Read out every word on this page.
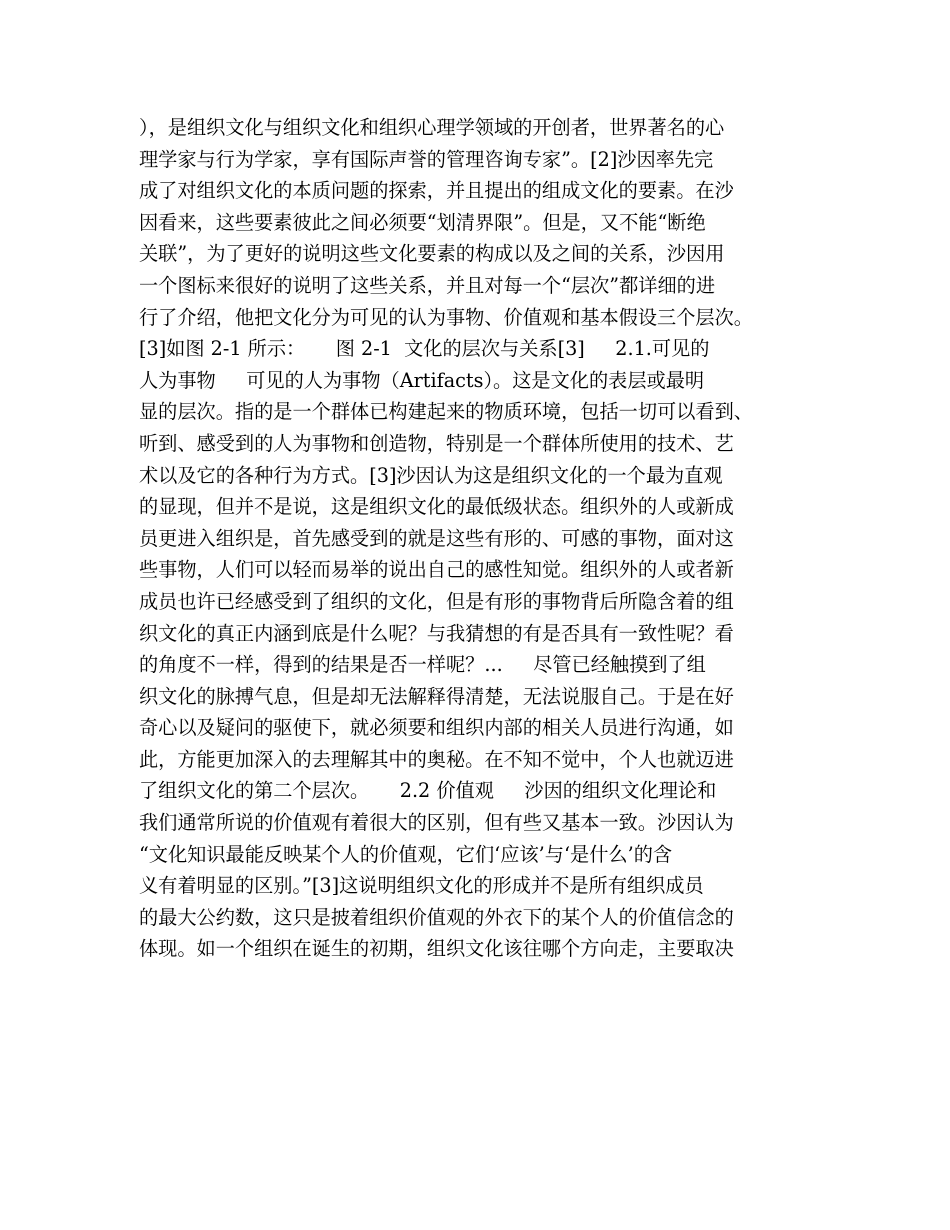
），是组织文化与组织文化和组织心理学领域的开创者，世界著名的心
理学家与行为学家，享有国际声誉的管理咨询专家”。[2]沙因率先完
成了对组织文化的本质问题的探索，并且提出的组成文化的要素。在沙
因看来，这些要素彼此之间必须要“划清界限”。但是，又不能“断绝
关联”，为了更好的说明这些文化要素的构成以及之间的关系，沙因用
一个图标来很好的说明了这些关系，并且对每一个“层次”都详细的进
行了介绍，他把文化分为可见的认为事物、价值观和基本假设三个层次。
[3]如图 2-1 所示：     图 2-1  文化的层次与关系[3]     2.1.可见的
人为事物     可见的人为事物（Artifacts）。这是文化的表层或最明
显的层次。指的是一个群体已构建起来的物质环境，包括一切可以看到、
听到、感受到的人为事物和创造物，特别是一个群体所使用的技术、艺
术以及它的各种行为方式。[3]沙因认为这是组织文化的一个最为直观
的显现，但并不是说，这是组织文化的最低级状态。组织外的人或新成
员更进入组织是，首先感受到的就是这些有形的、可感的事物，面对这
些事物，人们可以轻而易举的说出自己的感性知觉。组织外的人或者新
成员也许已经感受到了组织的文化，但是有形的事物背后所隐含着的组
织文化的真正内涵到底是什么呢？与我猜想的有是否具有一致性呢？看
的角度不一样，得到的结果是否一样呢？...     尽管已经触摸到了组
织文化的脉搏气息，但是却无法解释得清楚，无法说服自己。于是在好
奇心以及疑问的驱使下，就必须要和组织内部的相关人员进行沟通，如
此，方能更加深入的去理解其中的奥秘。在不知不觉中，个人也就迈进
了组织文化的第二个层次。     2.2 价值观     沙因的组织文化理论和
我们通常所说的价值观有着很大的区别，但有些又基本一致。沙因认为
“文化知识最能反映某个人的价值观，它们‘应该’与‘是什么’的含
义有着明显的区别。”[3]这说明组织文化的形成并不是所有组织成员
的最大公约数，这只是披着组织价值观的外衣下的某个人的价值信念的
体现。如一个组织在诞生的初期，组织文化该往哪个方向走，主要取决
